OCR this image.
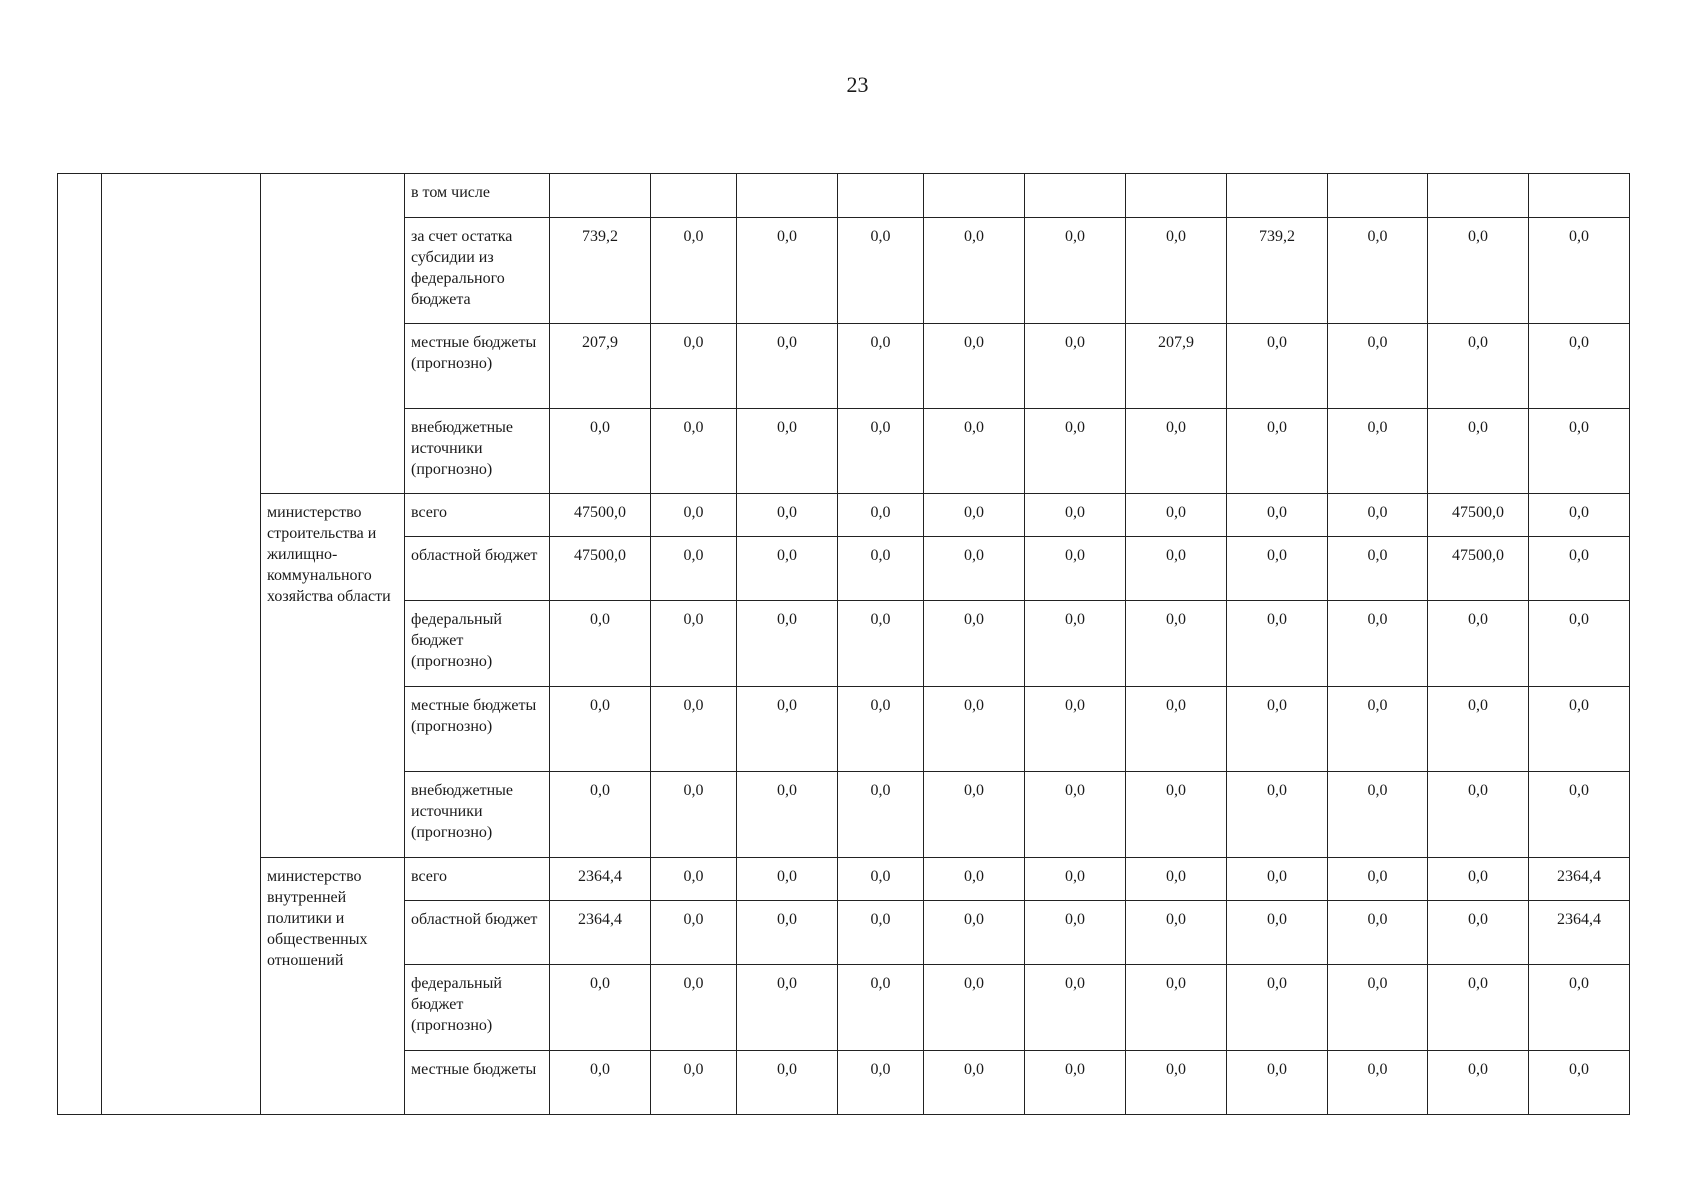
23
			в том числе											
			за счет остатка субсидии из федерального бюджета	739,2	0,0	0,0	0,0	0,0	0,0	0,0	739,2	0,0	0,0	0,0
			местные бюджеты (прогнозно)	207,9	0,0	0,0	0,0	0,0	0,0	207,9	0,0	0,0	0,0	0,0
			внебюджетные источники (прогнозно)	0,0	0,0	0,0	0,0	0,0	0,0	0,0	0,0	0,0	0,0	0,0
		министерство строительства и жилищно-коммунального хозяйства области	всего	47500,0	0,0	0,0	0,0	0,0	0,0	0,0	0,0	0,0	47500,0	0,0
			областной бюджет	47500,0	0,0	0,0	0,0	0,0	0,0	0,0	0,0	0,0	47500,0	0,0
			федеральный бюджет (прогнозно)	0,0	0,0	0,0	0,0	0,0	0,0	0,0	0,0	0,0	0,0	0,0
			местные бюджеты (прогнозно)	0,0	0,0	0,0	0,0	0,0	0,0	0,0	0,0	0,0	0,0	0,0
			внебюджетные источники (прогнозно)	0,0	0,0	0,0	0,0	0,0	0,0	0,0	0,0	0,0	0,0	0,0
		министерство внутренней политики и общественных отношений	всего	2364,4	0,0	0,0	0,0	0,0	0,0	0,0	0,0	0,0	0,0	2364,4
			областной бюджет	2364,4	0,0	0,0	0,0	0,0	0,0	0,0	0,0	0,0	0,0	2364,4
			федеральный бюджет (прогнозно)	0,0	0,0	0,0	0,0	0,0	0,0	0,0	0,0	0,0	0,0	0,0
			местные бюджеты	0,0	0,0	0,0	0,0	0,0	0,0	0,0	0,0	0,0	0,0	0,0
